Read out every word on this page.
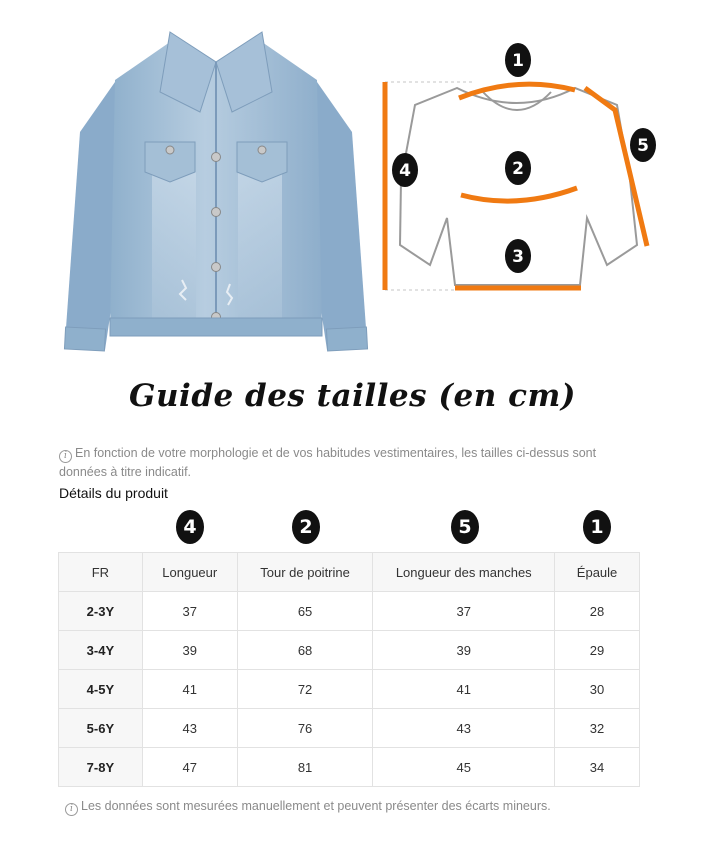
1
2
3
4
5
Guide des tailles (en cm)

i En fonction de votre morphologie et de vos habitudes vestimentaires, les tailles ci-dessus sont données à titre indicatif.

Détails du produit
4	2	5	1
FR	Longueur	Tour de poitrine	Longueur des manches	Épaule
2-3Y	37	65	37	28
3-4Y	39	68	39	29
4-5Y	41	72	41	30
5-6Y	43	76	43	32
7-8Y	47	81	45	34

i Les données sont mesurées manuellement et peuvent présenter des écarts mineurs.
